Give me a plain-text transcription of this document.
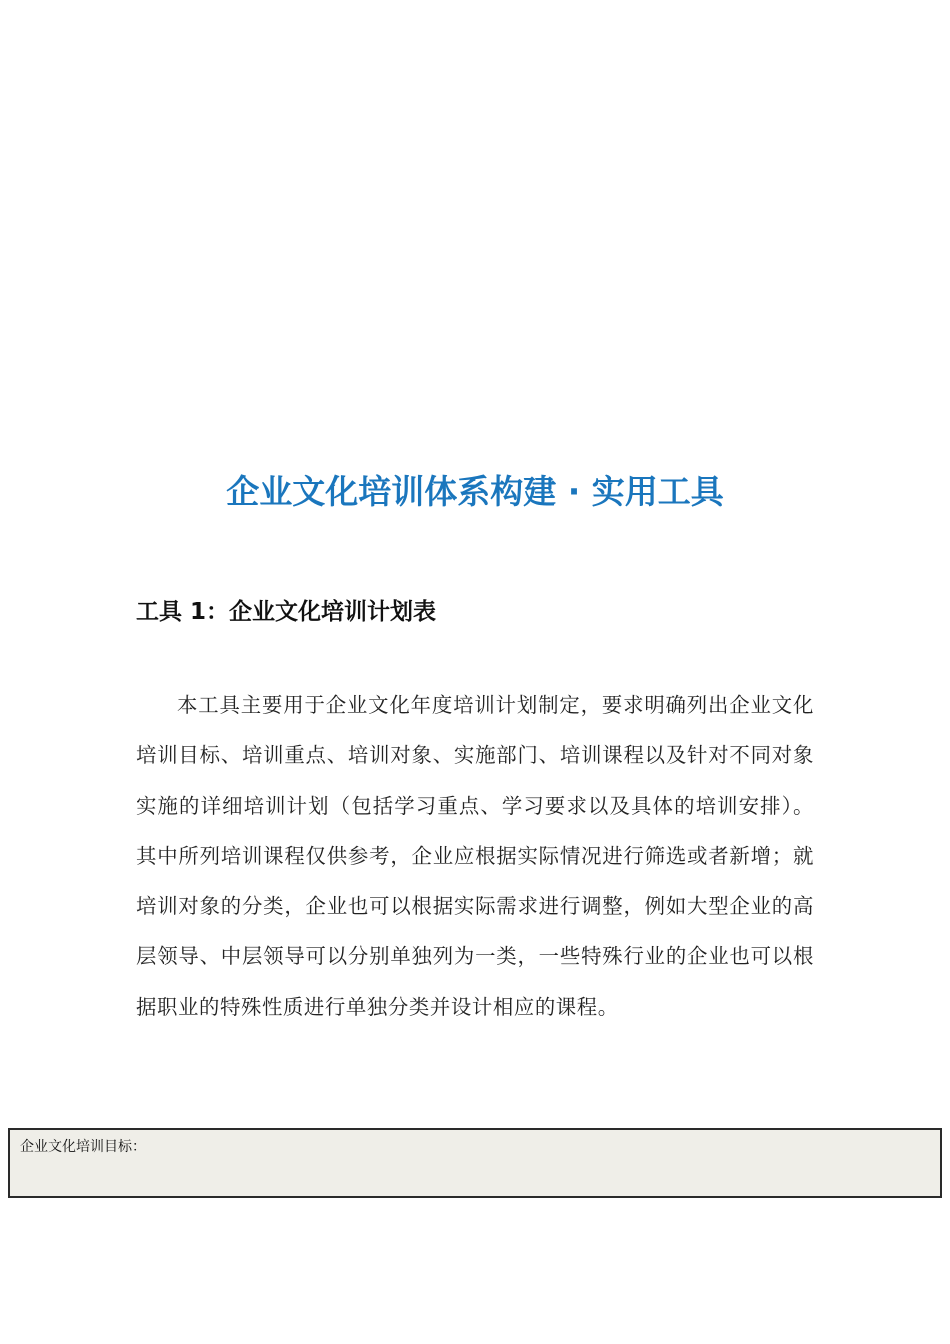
企业文化培训体系构建 · 实用工具
工具 1：企业文化培训计划表

本工具主要用于企业文化年度培训计划制定，要求明确列出企业文化培训目标、培训重点、培训对象、实施部门、培训课程以及针对不同对象实施的详细培训计划（包括学习重点、学习要求以及具体的培训安排）。其中所列培训课程仅供参考，企业应根据实际情况进行筛选或者新增；就培训对象的分类，企业也可以根据实际需求进行调整，例如大型企业的高层领导、中层领导可以分别单独列为一类，一些特殊行业的企业也可以根据职业的特殊性质进行单独分类并设计相应的课程。

企业文化培训目标：
